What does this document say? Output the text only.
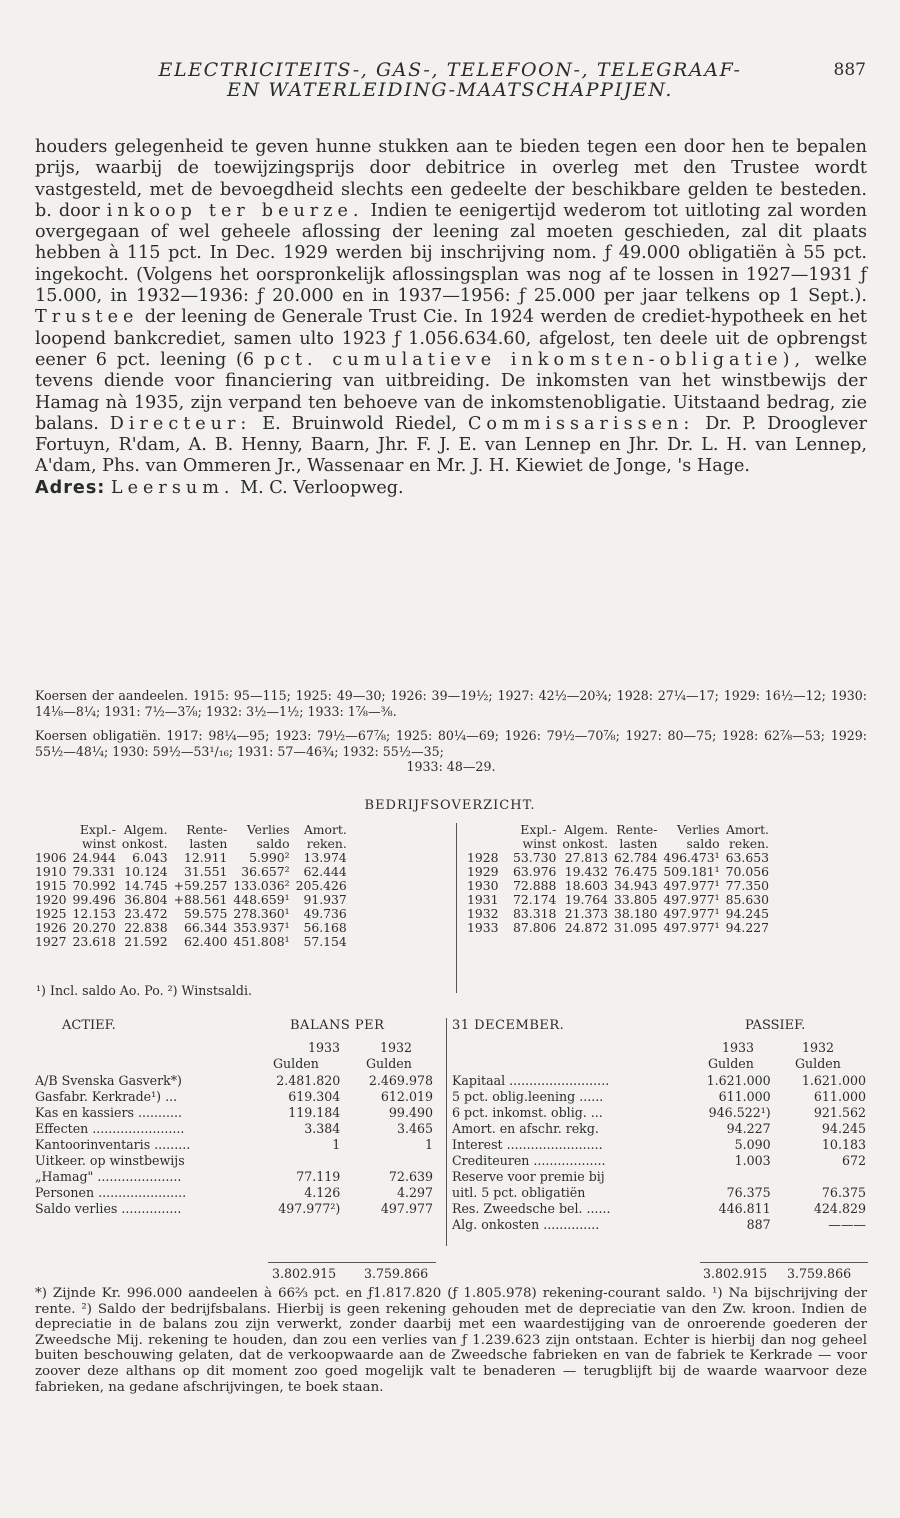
ELECTRICITEITS-, GAS-, TELEFOON-, TELEGRAAF-
EN WATERLEIDING-MAATSCHAPPIJEN.
887
houders gelegenheid te geven hunne stukken aan te bieden tegen een door hen te bepalen prijs, waarbij de toewijzingsprijs door debitrice in overleg met den Trustee wordt vastgesteld, met de bevoegdheid slechts een gedeelte der beschikbare gelden te besteden. b. door inkoop ter beurze. Indien te eenigertijd wederom tot uitloting zal worden overgegaan of wel geheele aflossing der leening zal moeten geschieden, zal dit plaats hebben à 115 pct. In Dec. 1929 werden bij inschrijving nom. ƒ 49.000 obligatiën à 55 pct. ingekocht. (Volgens het oorspronkelijk aflossingsplan was nog af te lossen in 1927—1931 ƒ 15.000, in 1932—1936: ƒ 20.000 en in 1937—1956: ƒ 25.000 per jaar telkens op 1 Sept.). Trustee der leening de Generale Trust Cie. In 1924 werden de crediet-hypotheek en het loopend bankcrediet, samen ulto 1923 ƒ 1.056.634.60, afgelost, ten deele uit de opbrengst eener 6 pct. leening (6 pct. cumulatieve inkomsten-obligatie), welke tevens diende voor financiering van uitbreiding. De inkomsten van het winstbewijs der Hamag nà 1935, zijn verpand ten behoeve van de inkomstenobligatie. Uitstaand bedrag, zie balans. Directeur: E. Bruinwold Riedel, Commissarissen: Dr. P. Drooglever Fortuyn, R'dam, A. B. Henny, Baarn, Jhr. F. J. E. van Lennep en Jhr. Dr. L. H. van Lennep, A'dam, Phs. van Ommeren Jr., Wassenaar en Mr. J. H. Kiewiet de Jonge, 's Hage.
Adres: Leersum. M. C. Verloopweg.
Koersen der aandeelen. 1915: 95—115; 1925: 49—30; 1926: 39—19½; 1927: 42½—20¾; 1928: 27¼—17; 1929: 16½—12; 1930: 14⅛—8¼; 1931: 7½—3⅞; 1932: 3½—1½; 1933: 1⅞—⅜.
Koersen obligatiën. 1917: 98¼—95; 1923: 79½—67⅞; 1925: 80¼—69; 1926: 79½—70⅞; 1927: 80—75; 1928: 62⅞—53; 1929: 55½—48¼; 1930: 59½—53¹/₁₆; 1931: 57—46¾; 1932: 55½—35;
1933: 48—29.
BEDRIJFSOVERZICHT.
	Expl.-	Algem.	Rente-	Verlies	Amort.
	winst	onkost.	lasten	saldo	reken.
1906	24.944	6.043	12.911	5.990²	13.974
1910	79.331	10.124	31.551	36.657²	62.444
1915	70.992	14.745	+59.257	133.036²	205.426
1920	99.496	36.804	+88.561	448.659¹	91.937
1925	12.153	23.472	59.575	278.360¹	49.736
1926	20.270	22.838	66.344	353.937¹	56.168
1927	23.618	21.592	62.400	451.808¹	57.154
	Expl.-	Algem.	Rente-	Verlies	Amort.
	winst	onkost.	lasten	saldo	reken.
1928	53.730	27.813	62.784	496.473¹	63.653
1929	63.976	19.432	76.475	509.181¹	70.056
1930	72.888	18.603	34.943	497.977¹	77.350
1931	72.174	19.764	33.805	497.977¹	85.630
1932	83.318	21.373	38.180	497.977¹	94.245
1933	87.806	24.872	31.095	497.977¹	94.227
¹) Incl. saldo Ao. Po. ²) Winstsaldi.
ACTIEF.	BALANS PER	31 DECEMBER.	PASSIEF.
1933	1932
Gulden	Gulden
1933	1932
Gulden	Gulden
A/B Svenska Gasverk*)	2.481.820	2.469.978
Gasfabr. Kerkrade¹) ...	619.304	612.019
Kas en kassiers ...........	119.184	99.490
Effecten .......................	3.384	3.465
Kantoorinventaris .........	1	1
Uitkeer. op winstbewijs		
„Hamag" .....................	77.119	72.639
Personen ......................	4.126	4.297
Saldo verlies ...............	497.977²)	497.977
Kapitaal .........................	1.621.000	1.621.000
5 pct. oblig.leening ......	611.000	611.000
6 pct. inkomst. oblig. ...	946.522¹)	921.562
Amort. en afschr. rekg.	94.227	94.245
Interest ........................	5.090	10.183
Crediteuren ..................	1.003	672
Reserve voor premie bij		
uitl. 5 pct. obligatiën	76.375	76.375
Res. Zweedsche bel. ......	446.811	424.829
Alg. onkosten ..............	887	———
3.802.915 3.759.866	3.802.915 3.759.866
*) Zijnde Kr. 996.000 aandeelen à 66⅔ pct. en ƒ1.817.820 (ƒ 1.805.978) rekening-courant saldo. ¹) Na bijschrijving der rente. ²) Saldo der bedrijfsbalans. Hierbij is geen rekening gehouden met de depreciatie van den Zw. kroon. Indien de depreciatie in de balans zou zijn verwerkt, zonder daarbij met een waardestijging van de onroerende goederen der Zweedsche Mij. rekening te houden, dan zou een verlies van ƒ 1.239.623 zijn ontstaan. Echter is hierbij dan nog geheel buiten beschouwing gelaten, dat de verkoopwaarde aan de Zweedsche fabrieken en van de fabriek te Kerkrade — voor zoover deze althans op dit moment zoo goed mogelijk valt te benaderen — terugblijft bij de waarde waarvoor deze fabrieken, na gedane afschrijvingen, te boek staan.
